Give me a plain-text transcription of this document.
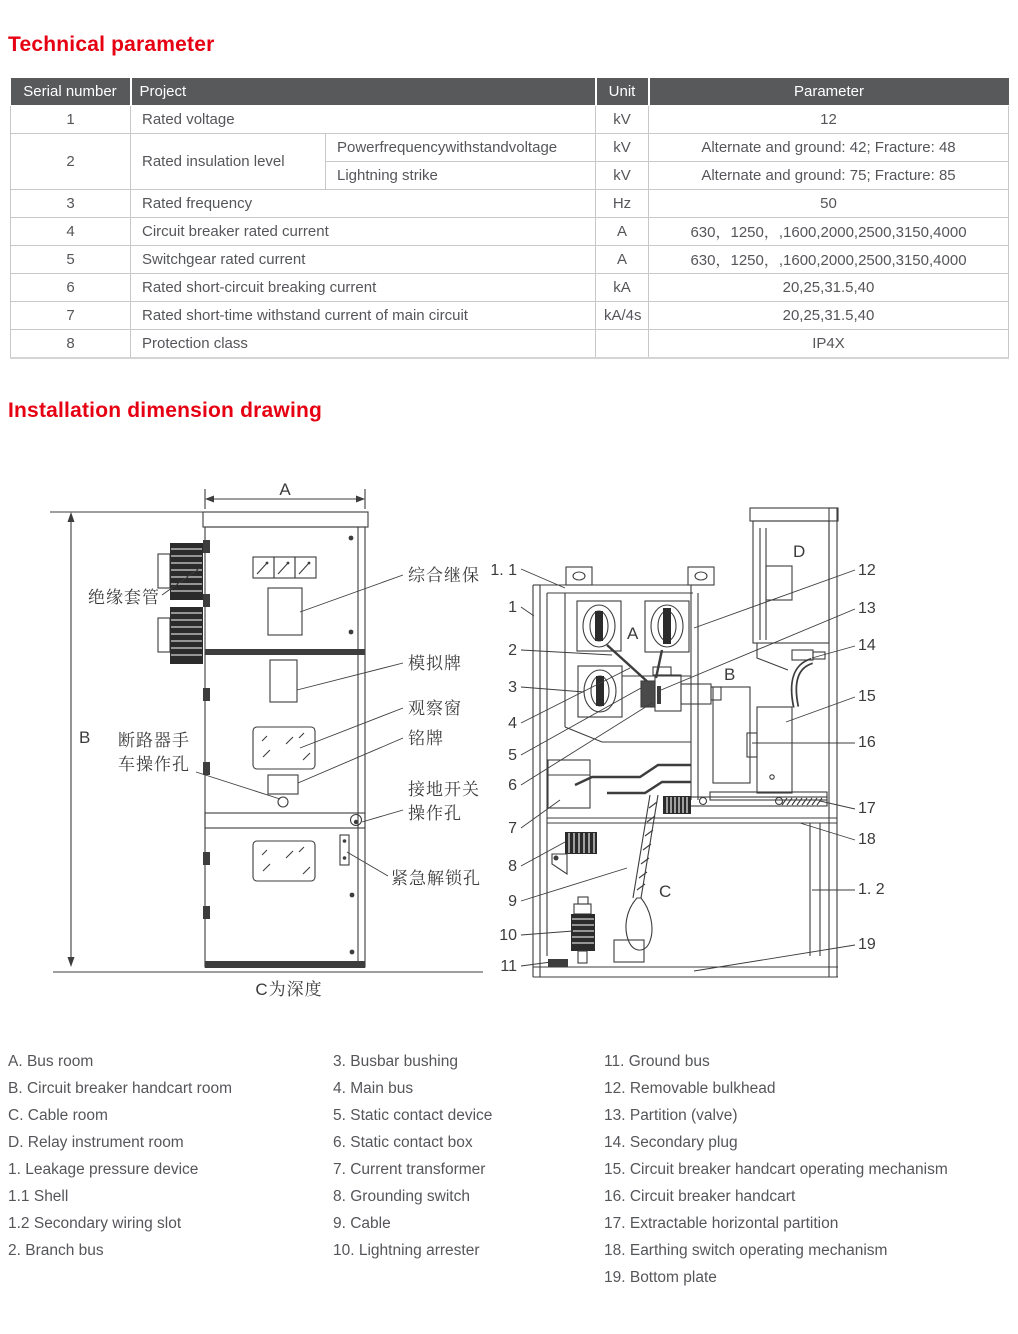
Technical parameter
Serial number	Project		Unit	Parameter
1	Rated voltage		kV	12
2	Rated insulation level	Powerfrequencywithstandvoltage	kV	Alternate and ground: 42; Fracture: 48
		Lightning strike	kV	Alternate and ground: 75; Fracture: 85
3	Rated frequency		Hz	50
4	Circuit breaker rated current		A	630，1250，,1600,2000,2500,3150,4000
5	Switchgear rated current		A	630，1250，,1600,2000,2500,3150,4000
6	Rated short-circuit breaking current		kA	20,25,31.5,40
7	Rated short-time withstand current of main circuit		kA/4s	20,25,31.5,40
8	Protection class			IP4X
Installation dimension drawing
A
B
绝缘套管
综合继保
模拟牌
观察窗
铭牌
断路器手
车操作孔
接地开关
操作孔
紧急解锁孔
C为深度
D
A
B
C
1. 1
1
2
3
4
5
6
7
8
9
10
11
12
13
14
15
16
17
18
1. 2
19
A. Bus room
B. Circuit breaker handcart room
C. Cable room
D. Relay instrument room
1. Leakage pressure device
1.1 Shell
1.2 Secondary wiring slot
2. Branch bus
3. Busbar bushing
4. Main bus
5. Static contact device
6. Static contact box
7. Current transformer
8. Grounding switch
9. Cable
10. Lightning arrester
11. Ground bus
12. Removable bulkhead
13. Partition (valve)
14. Secondary plug
15. Circuit breaker handcart operating mechanism
16. Circuit breaker handcart
17. Extractable horizontal partition
18. Earthing switch operating mechanism
19. Bottom plate
